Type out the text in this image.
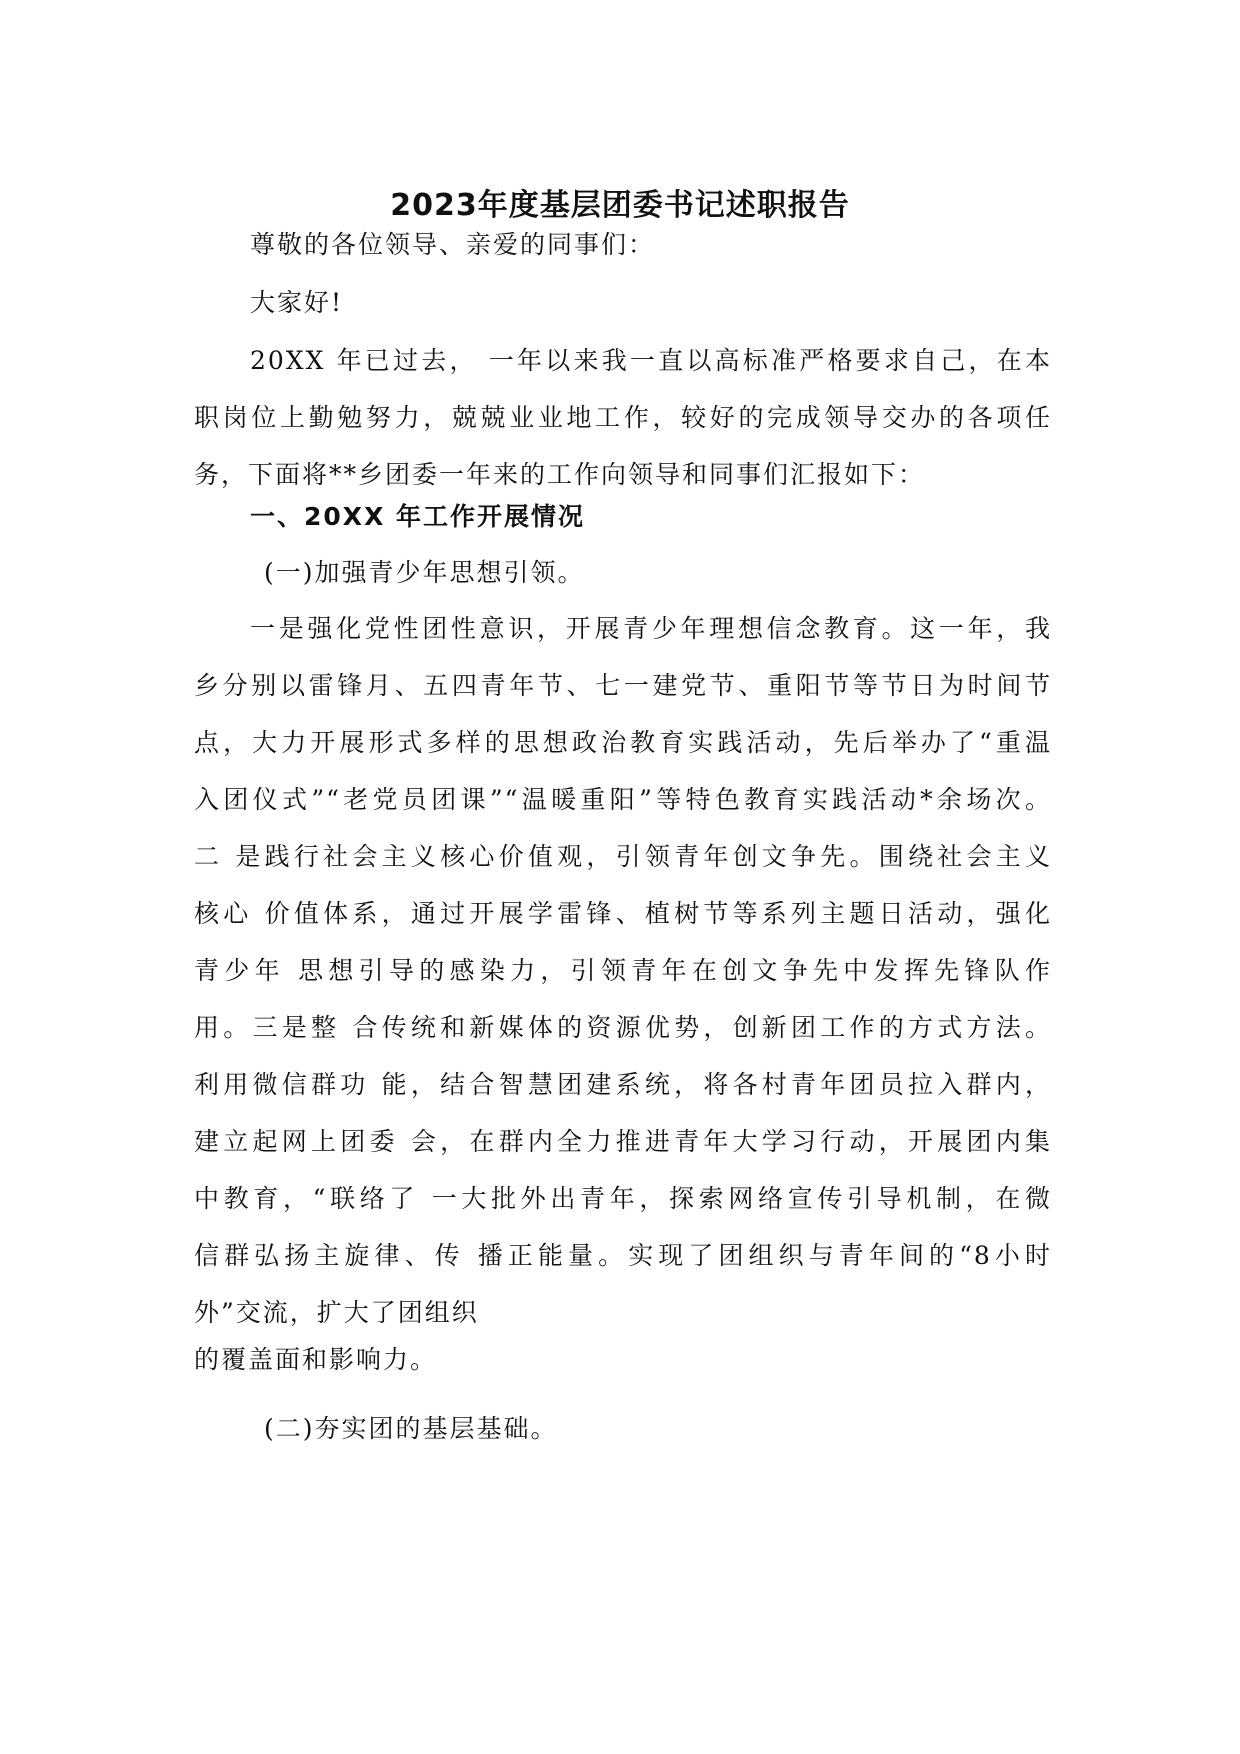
2023年度基层团委书记述职报告
尊敬的各位领导、亲爱的同事们：
大家好!
20XX 年已过去， 一年以来我一直以高标准严格要求自己，在本
职岗位上勤勉努力，兢兢业业地工作，较好的完成领导交办的各项任
务，下面将**乡团委一年来的工作向领导和同事们汇报如下：
一、20XX 年工作开展情况
(一)加强青少年思想引领。
一是强化党性团性意识，开展青少年理想信念教育。这一年，我
乡分别以雷锋月、五四青年节、七一建党节、重阳节等节日为时间节
点，大力开展形式多样的思想政治教育实践活动，先后举办了“重温
入团仪式”“老党员团课”“温暖重阳”等特色教育实践活动*余场次。
二 是践行社会主义核心价值观，引领青年创文争先。围绕社会主义
核心 价值体系，通过开展学雷锋、植树节等系列主题日活动，强化
青少年 思想引导的感染力，引领青年在创文争先中发挥先锋队作
用。三是整 合传统和新媒体的资源优势，创新团工作的方式方法。
利用微信群功 能，结合智慧团建系统，将各村青年团员拉入群内，
建立起网上团委 会，在群内全力推进青年大学习行动，开展团内集
中教育，“联络了 一大批外出青年，探索网络宣传引导机制，在微
信群弘扬主旋律、传 播正能量。实现了团组织与青年间的“8小时
外”交流，扩大了团组织
的覆盖面和影响力。
(二)夯实团的基层基础。
